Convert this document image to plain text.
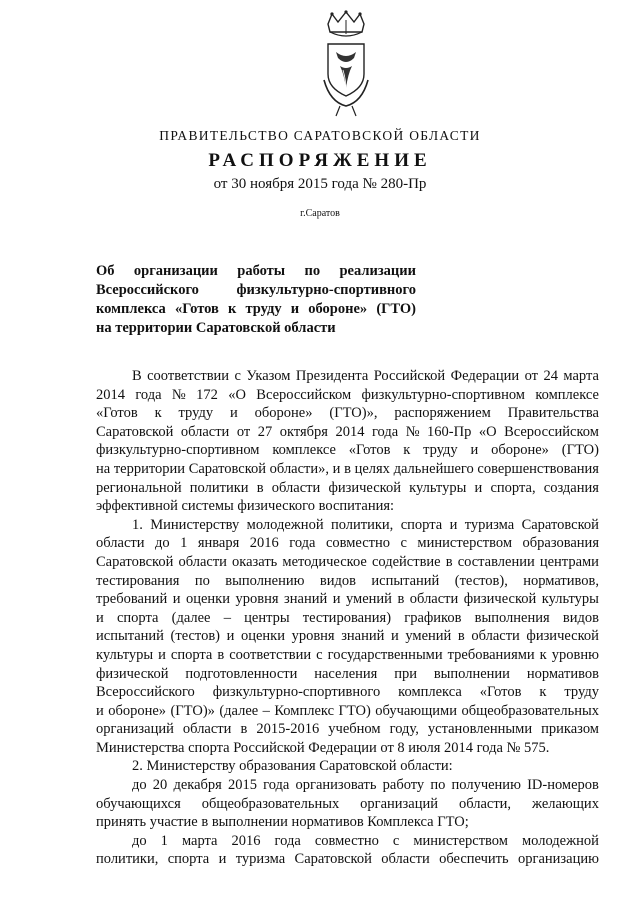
ПРАВИТЕЛЬСТВО САРАТОВСКОЙ ОБЛАСТИ
РАСПОРЯЖЕНИЕ
от 30 ноября 2015 года № 280-Пр
г.Саратов
Об организации работы по реализации
Всероссийского	физкультурно-спортивного
комплекса «Готов к труду и обороне» (ГТО)
на территории Саратовской области
В соответствии с Указом Президента Российской Федерации от 24 марта
2014 года № 172 «О Всероссийском физкультурно-спортивном комплексе
«Готов к труду и обороне» (ГТО)», распоряжением Правительства
Саратовской области от 27 октября 2014 года № 160-Пр «О Всероссийском
физкультурно-спортивном комплексе «Готов к труду и обороне» (ГТО)
на территории Саратовской области», и в целях дальнейшего совершенствования
региональной политики в области физической культуры и спорта, создания
эффективной системы физического воспитания:
1. Министерству молодежной политики, спорта и туризма Саратовской
области до 1 января 2016 года совместно с министерством образования
Саратовской области оказать методическое содействие в составлении центрами
тестирования по выполнению видов испытаний (тестов), нормативов,
требований и оценки уровня знаний и умений в области физической культуры
и спорта (далее – центры тестирования) графиков выполнения видов
испытаний (тестов) и оценки уровня знаний и умений в области физической
культуры и спорта в соответствии с государственными требованиями к уровню
физической подготовленности населения при выполнении нормативов
Всероссийского физкультурно-спортивного комплекса «Готов к труду
и обороне» (ГТО)» (далее – Комплекс ГТО) обучающими общеобразовательных
организаций области в 2015-2016 учебном году, установленными приказом
Министерства спорта Российской Федерации от 8 июля 2014 года № 575.
2. Министерству образования Саратовской области:
до 20 декабря 2015 года организовать работу по получению ID-номеров
обучающихся общеобразовательных организаций области, желающих
принять участие в выполнении нормативов Комплекса ГТО;
до 1 марта 2016 года совместно с министерством молодежной
политики, спорта и туризма Саратовской области обеспечить организацию
